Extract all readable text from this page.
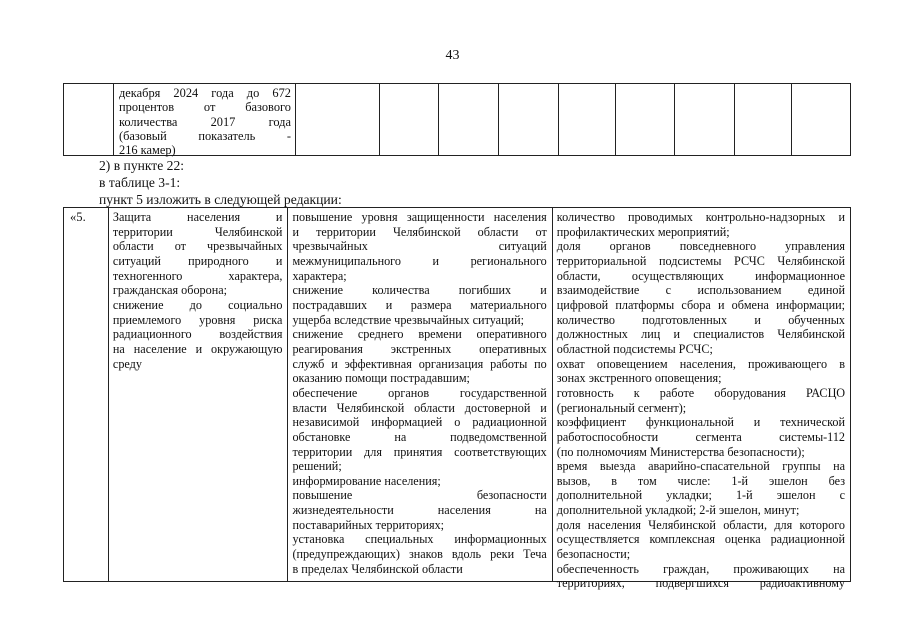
43
декабря 2024 года до 672
процентов от базового
количества 2017 года
(базовый показатель -
216 камер)
2) в пункте 22:
в таблице 3-1:
пункт 5 изложить в следующей редакции:
«5.	Защита населения и
территории Челябинской
области от чрезвычайных
ситуаций природного и
техногенного характера,
гражданская оборона;
снижение до социально
приемлемого уровня риска
радиационного воздействия
на население и окружающую
среду
повышение уровня защищенности населения
и территории Челябинской области от
чрезвычайных ситуаций
межмуниципального и регионального
характера;
снижение количества погибших и
пострадавших и размера материального
ущерба вследствие чрезвычайных ситуаций;
снижение среднего времени оперативного
реагирования экстренных оперативных
служб и эффективная организация работы по
оказанию помощи пострадавшим;
обеспечение органов государственной
власти Челябинской области достоверной и
независимой информацией о радиационной
обстановке на подведомственной
территории для принятия соответствующих
решений;
информирование населения;
повышение безопасности
жизнедеятельности населения на
поставарийных территориях;
установка специальных информационных
(предупреждающих) знаков вдоль реки Теча
в пределах Челябинской области
количество проводимых контрольно-надзорных и
профилактических мероприятий;
доля органов повседневного управления
территориальной подсистемы РСЧС Челябинской
области, осуществляющих информационное
взаимодействие с использованием единой
цифровой платформы сбора и обмена информации;
количество подготовленных и обученных
должностных лиц и специалистов Челябинской
областной подсистемы РСЧС;
охват оповещением населения, проживающего в
зонах экстренного оповещения;
готовность к работе оборудования РАСЦО
(региональный сегмент);
коэффициент функциональной и технической
работоспособности сегмента системы-112
(по полномочиям Министерства безопасности);
время выезда аварийно-спасательной группы на
вызов, в том числе: 1-й эшелон без
дополнительной укладки; 1-й эшелон с
дополнительной укладкой; 2-й эшелон, минут;
доля населения Челябинской области, для которого
осуществляется комплексная оценка радиационной
безопасности;
обеспеченность граждан, проживающих на
территориях, подвергшихся радиоактивному
